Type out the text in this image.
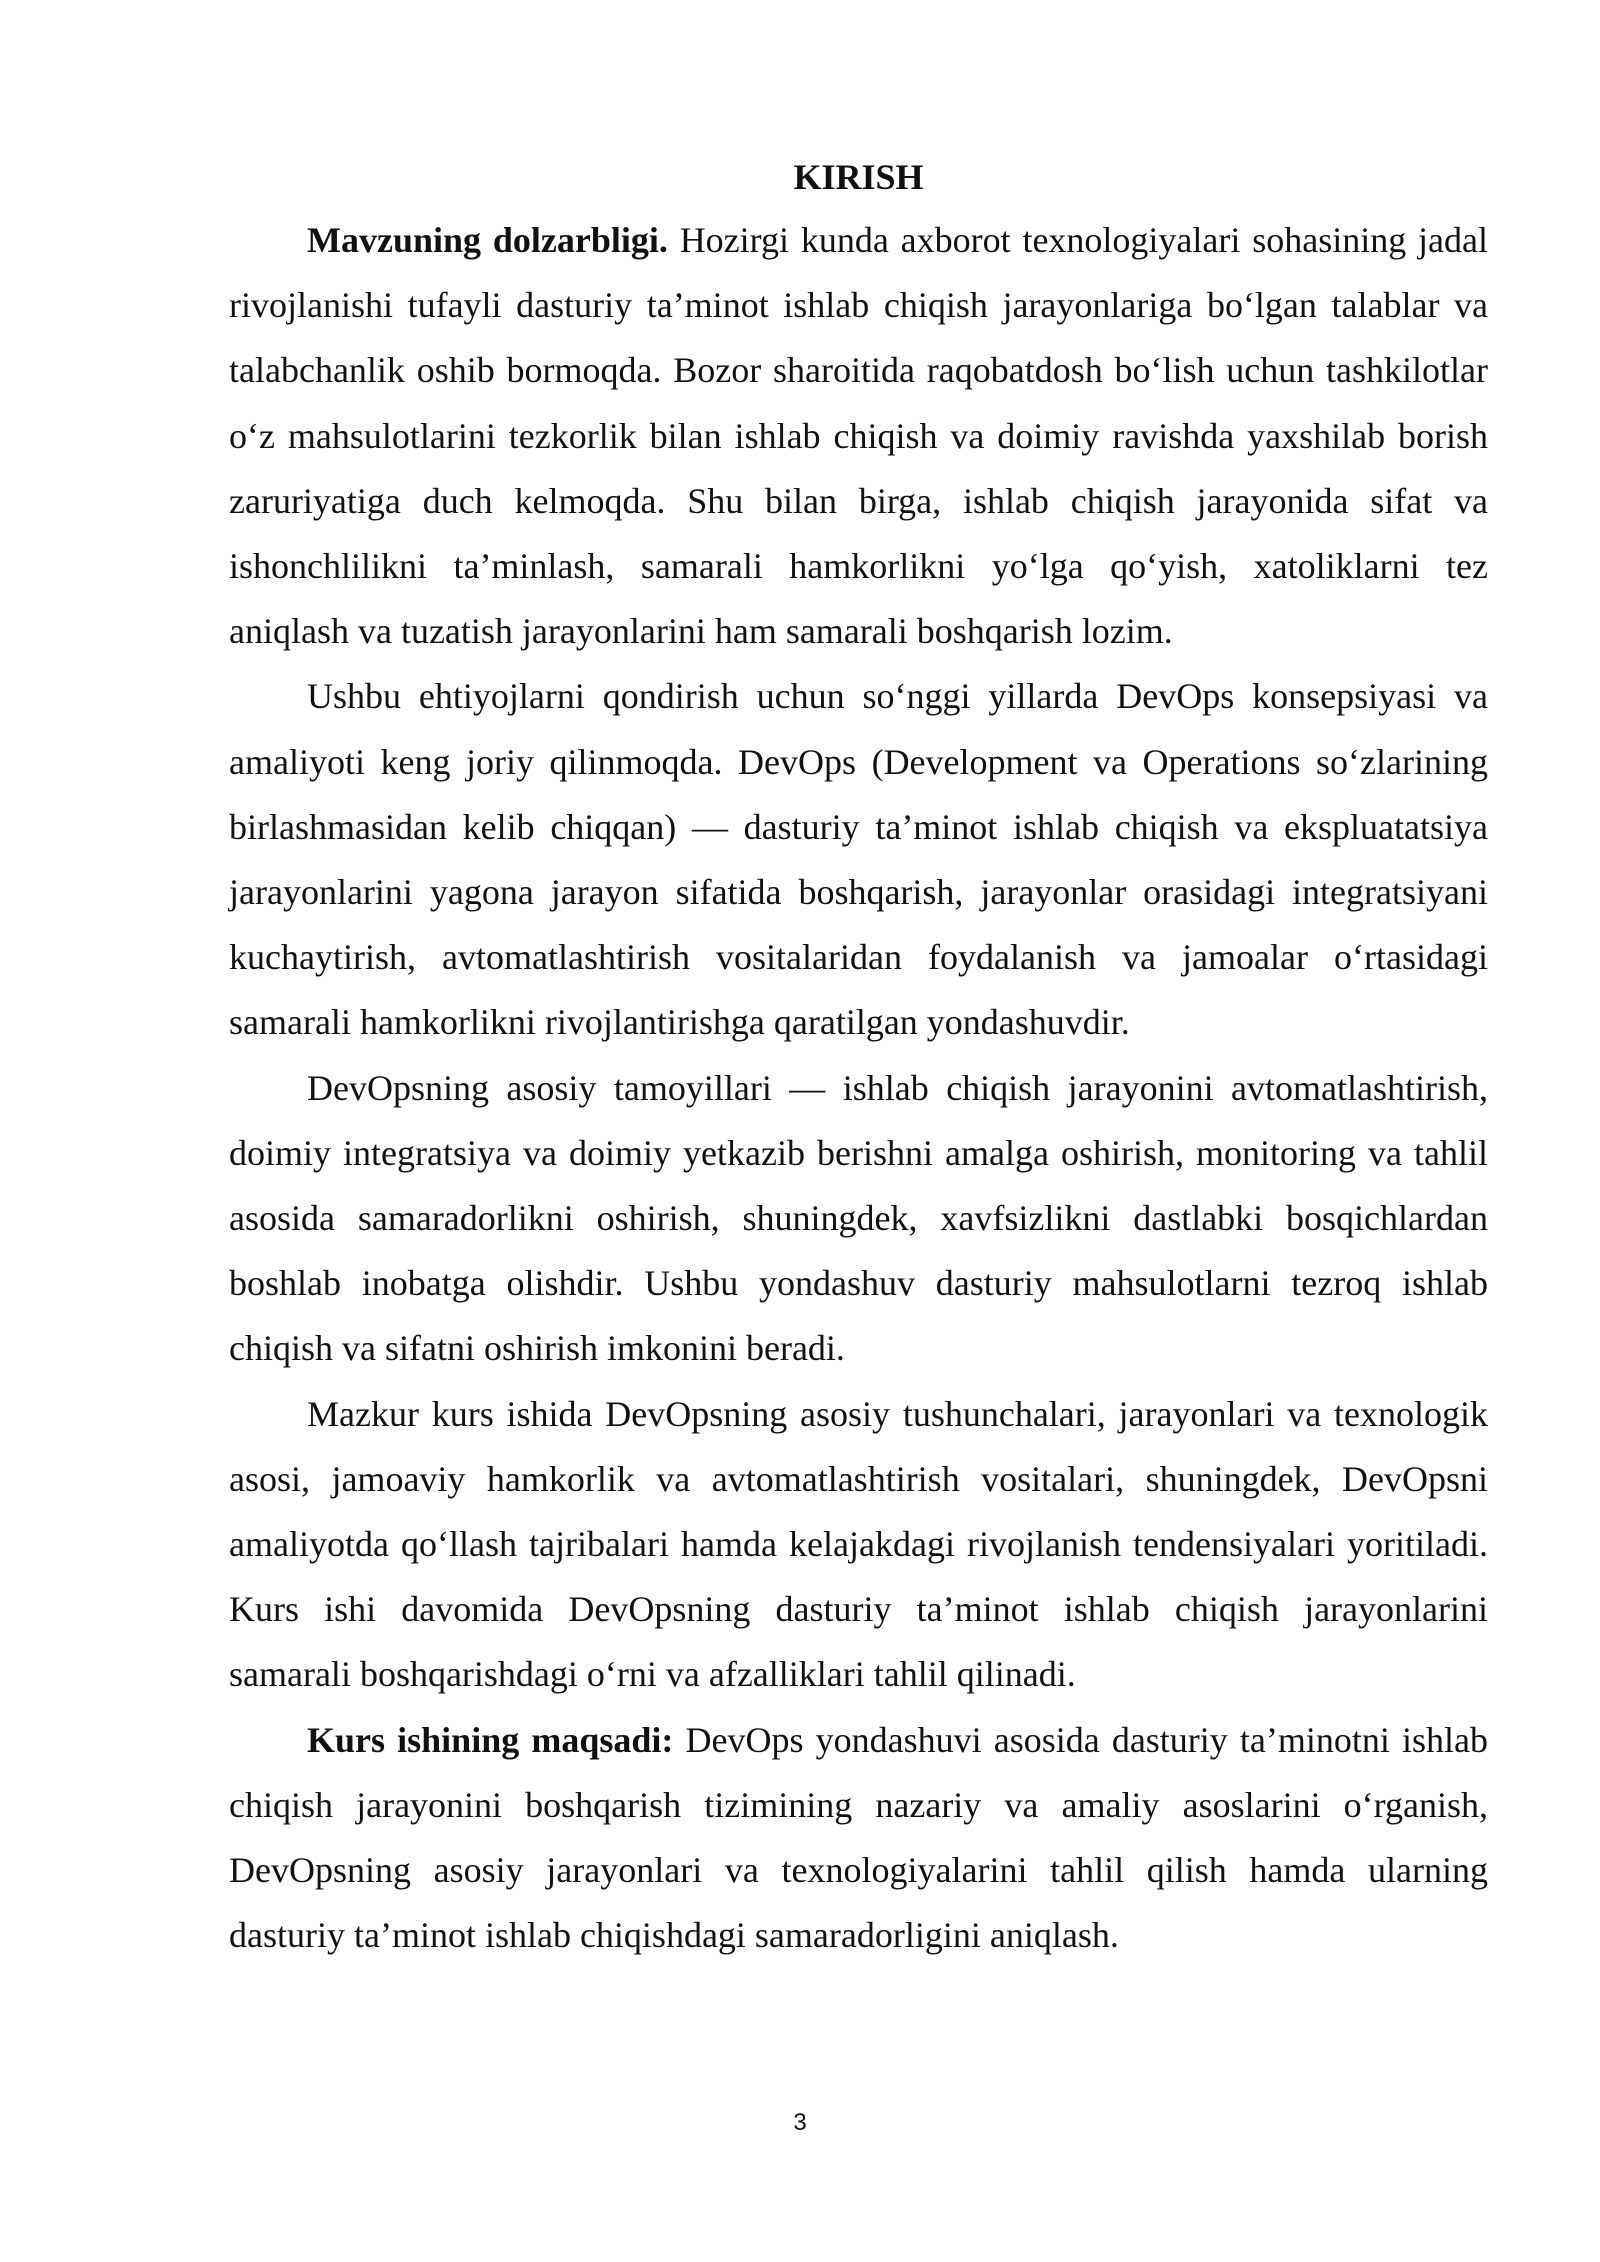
KIRISH

Mavzuning dolzarbligi. Hozirgi kunda axborot texnologiyalari sohasining jadal rivojlanishi tufayli dasturiy ta’minot ishlab chiqish jarayonlariga bo‘lgan talablar va talabchanlik oshib bormoqda. Bozor sharoitida raqobatdosh bo‘lish uchun tashkilotlar o‘z mahsulotlarini tezkorlik bilan ishlab chiqish va doimiy ravishda yaxshilab borish zaruriyatiga duch kelmoqda. Shu bilan birga, ishlab chiqish jarayonida sifat va ishonchlilikni ta’minlash, samarali hamkorlikni yo‘lga qo‘yish, xatoliklarni tez aniqlash va tuzatish jarayonlarini ham samarali boshqarish lozim.

Ushbu ehtiyojlarni qondirish uchun so‘nggi yillarda DevOps konsepsiyasi va amaliyoti keng joriy qilinmoqda. DevOps (Development va Operations so‘zlarining birlashmasidan kelib chiqqan) — dasturiy ta’minot ishlab chiqish va ekspluatatsiya jarayonlarini yagona jarayon sifatida boshqarish, jarayonlar orasidagi integratsiyani kuchaytirish, avtomatlashtirish vositalaridan foydalanish va jamoalar o‘rtasidagi samarali hamkorlikni rivojlantirishga qaratilgan yondashuvdir.

DevOpsning asosiy tamoyillari — ishlab chiqish jarayonini avtomatlashtirish, doimiy integratsiya va doimiy yetkazib berishni amalga oshirish, monitoring va tahlil asosida samaradorlikni oshirish, shuningdek, xavfsizlikni dastlabki bosqichlardan boshlab inobatga olishdir. Ushbu yondashuv dasturiy mahsulotlarni tezroq ishlab chiqish va sifatni oshirish imkonini beradi.

Mazkur kurs ishida DevOpsning asosiy tushunchalari, jarayonlari va texnologik asosi, jamoaviy hamkorlik va avtomatlashtirish vositalari, shuningdek, DevOpsni amaliyotda qo‘llash tajribalari hamda kelajakdagi rivojlanish tendensiyalari yoritiladi. Kurs ishi davomida DevOpsning dasturiy ta’minot ishlab chiqish jarayonlarini samarali boshqarishdagi o‘rni va afzalliklari tahlil qilinadi.

Kurs ishining maqsadi: DevOps yondashuvi asosida dasturiy ta’minotni ishlab chiqish jarayonini boshqarish tizimining nazariy va amaliy asoslarini o‘rganish, DevOpsning asosiy jarayonlari va texnologiyalarini tahlil qilish hamda ularning dasturiy ta’minot ishlab chiqishdagi samaradorligini aniqlash.

3
